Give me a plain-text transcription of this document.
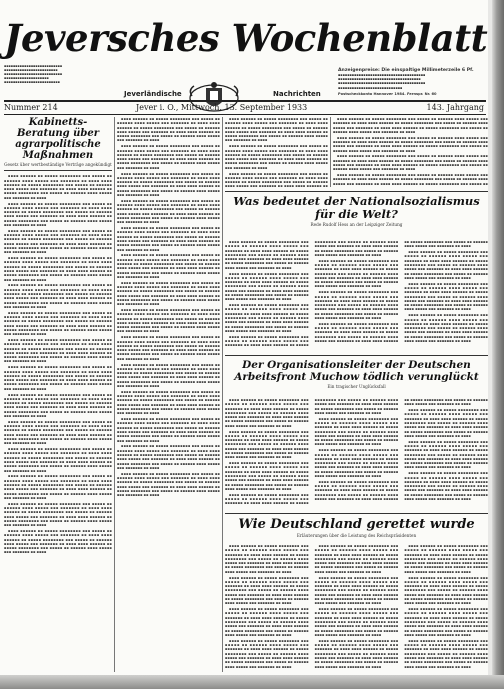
Jeversches Wochenblatt
▪▪▪▪▪▪▪▪▪▪▪▪▪▪▪▪▪▪▪▪▪▪▪▪▪▪
▪▪▪▪▪▪▪▪▪▪▪▪▪▪▪▪▪▪▪▪▪▪▪▪
▪▪▪▪▪▪▪▪▪▪▪▪▪▪▪▪▪▪▪▪▪▪▪▪▪▪
▪▪▪▪▪▪▪▪▪▪▪▪▪▪▪▪▪▪▪▪
▪▪▪▪▪▪▪▪▪▪▪▪▪▪▪▪▪▪▪▪▪▪▪▪▪
Jeverländische	Nachrichten
Anzeigenpreise: Die einspaltige Millimeterzeile 6 Pf.
▪▪▪▪▪▪▪▪▪▪▪▪▪▪▪▪▪▪▪▪▪▪▪▪▪▪▪▪▪▪▪▪▪▪▪▪▪▪
▪▪▪▪▪▪▪▪▪▪▪▪▪▪▪▪▪▪▪▪▪▪▪▪▪▪▪▪▪▪▪▪▪▪▪▪
▪▪▪▪▪▪▪▪▪▪▪▪▪▪▪▪▪▪▪▪▪▪▪▪▪▪▪▪▪▪▪▪▪▪▪▪▪▪
▪▪▪▪▪▪▪▪▪▪▪▪▪▪▪▪▪▪▪▪▪▪▪▪▪▪▪▪
Postscheckkonto Hannover 1984. Fernspr. Nr. 60
Nummer 214	Jever i. O., Mittwoch, 13. September 1933	143. Jahrgang
Kabinetts-Beratung über agrarpolitische Maßnahmen
Gesetz über wertbeständige Verträge angekündigt

▪▪▪▪ ▪▪▪▪▪▪ ▪▪ ▪▪▪▪▪ ▪▪▪▪▪▪▪▪ ▪▪▪ ▪▪▪▪▪ ▪▪ ▪▪▪▪▪▪ ▪▪▪▪ ▪▪▪▪▪ ▪▪▪ ▪▪▪▪▪▪▪ ▪▪ ▪▪▪▪ ▪▪▪▪ ▪▪▪▪▪▪ ▪▪ ▪▪▪▪▪ ▪▪▪▪▪▪▪▪ ▪▪▪ ▪▪▪▪▪ ▪▪ ▪▪▪▪▪▪ ▪▪▪▪ ▪▪▪▪▪ ▪▪▪ ▪▪▪▪▪▪▪ ▪▪ ▪▪▪▪ ▪▪▪▪ ▪▪▪▪▪▪ ▪▪ ▪▪▪▪▪ ▪▪▪▪▪▪▪▪ ▪▪▪ ▪▪▪▪▪ ▪▪ ▪▪▪▪▪▪ ▪▪▪▪ ▪▪▪▪▪ ▪▪▪ ▪▪▪▪▪▪▪ ▪▪ ▪▪▪▪

▪▪▪▪ ▪▪▪▪▪▪ ▪▪ ▪▪▪▪▪ ▪▪▪▪▪▪▪▪ ▪▪▪ ▪▪▪▪▪ ▪▪ ▪▪▪▪▪▪ ▪▪▪▪ ▪▪▪▪▪ ▪▪▪ ▪▪▪▪▪▪▪ ▪▪ ▪▪▪▪ ▪▪▪▪ ▪▪▪▪▪▪ ▪▪ ▪▪▪▪▪ ▪▪▪▪▪▪▪▪ ▪▪▪ ▪▪▪▪▪ ▪▪ ▪▪▪▪▪▪ ▪▪▪▪ ▪▪▪▪▪ ▪▪▪ ▪▪▪▪▪▪▪ ▪▪ ▪▪▪▪ ▪▪▪▪ ▪▪▪▪▪▪ ▪▪ ▪▪▪▪▪ ▪▪▪▪▪▪▪▪ ▪▪▪ ▪▪▪▪▪ ▪▪ ▪▪▪▪▪▪ ▪▪▪▪ ▪▪▪▪▪ ▪▪▪ ▪▪▪▪▪▪▪ ▪▪ ▪▪▪▪

▪▪▪▪ ▪▪▪▪▪▪ ▪▪ ▪▪▪▪▪ ▪▪▪▪▪▪▪▪ ▪▪▪ ▪▪▪▪▪ ▪▪ ▪▪▪▪▪▪ ▪▪▪▪ ▪▪▪▪▪ ▪▪▪ ▪▪▪▪▪▪▪ ▪▪ ▪▪▪▪ ▪▪▪▪ ▪▪▪▪▪▪ ▪▪ ▪▪▪▪▪ ▪▪▪▪▪▪▪▪ ▪▪▪ ▪▪▪▪▪ ▪▪ ▪▪▪▪▪▪ ▪▪▪▪ ▪▪▪▪▪ ▪▪▪ ▪▪▪▪▪▪▪ ▪▪ ▪▪▪▪ ▪▪▪▪ ▪▪▪▪▪▪ ▪▪ ▪▪▪▪▪ ▪▪▪▪▪▪▪▪ ▪▪▪ ▪▪▪▪▪ ▪▪ ▪▪▪▪▪▪ ▪▪▪▪ ▪▪▪▪▪ ▪▪▪ ▪▪▪▪▪▪▪ ▪▪ ▪▪▪▪

▪▪▪▪ ▪▪▪▪▪▪ ▪▪ ▪▪▪▪▪ ▪▪▪▪▪▪▪▪ ▪▪▪ ▪▪▪▪▪ ▪▪ ▪▪▪▪▪▪ ▪▪▪▪ ▪▪▪▪▪ ▪▪▪ ▪▪▪▪▪▪▪ ▪▪ ▪▪▪▪ ▪▪▪▪ ▪▪▪▪▪▪ ▪▪ ▪▪▪▪▪ ▪▪▪▪▪▪▪▪ ▪▪▪ ▪▪▪▪▪ ▪▪ ▪▪▪▪▪▪ ▪▪▪▪ ▪▪▪▪▪ ▪▪▪ ▪▪▪▪▪▪▪ ▪▪ ▪▪▪▪ ▪▪▪▪ ▪▪▪▪▪▪ ▪▪ ▪▪▪▪▪ ▪▪▪▪▪▪▪▪ ▪▪▪ ▪▪▪▪▪ ▪▪ ▪▪▪▪▪▪ ▪▪▪▪ ▪▪▪▪▪ ▪▪▪ ▪▪▪▪▪▪▪ ▪▪ ▪▪▪▪

▪▪▪▪ ▪▪▪▪▪▪ ▪▪ ▪▪▪▪▪ ▪▪▪▪▪▪▪▪ ▪▪▪ ▪▪▪▪▪ ▪▪ ▪▪▪▪▪▪ ▪▪▪▪ ▪▪▪▪▪ ▪▪▪ ▪▪▪▪▪▪▪ ▪▪ ▪▪▪▪ ▪▪▪▪ ▪▪▪▪▪▪ ▪▪ ▪▪▪▪▪ ▪▪▪▪▪▪▪▪ ▪▪▪ ▪▪▪▪▪ ▪▪ ▪▪▪▪▪▪ ▪▪▪▪ ▪▪▪▪▪ ▪▪▪ ▪▪▪▪▪▪▪ ▪▪ ▪▪▪▪ ▪▪▪▪ ▪▪▪▪▪▪ ▪▪ ▪▪▪▪▪ ▪▪▪▪▪▪▪▪ ▪▪▪ ▪▪▪▪▪ ▪▪ ▪▪▪▪▪▪ ▪▪▪▪ ▪▪▪▪▪ ▪▪▪ ▪▪▪▪▪▪▪ ▪▪ ▪▪▪▪

▪▪▪▪ ▪▪▪▪▪▪ ▪▪ ▪▪▪▪▪ ▪▪▪▪▪▪▪▪ ▪▪▪ ▪▪▪▪▪ ▪▪ ▪▪▪▪▪▪ ▪▪▪▪ ▪▪▪▪▪ ▪▪▪ ▪▪▪▪▪▪▪ ▪▪ ▪▪▪▪ ▪▪▪▪ ▪▪▪▪▪▪ ▪▪ ▪▪▪▪▪ ▪▪▪▪▪▪▪▪ ▪▪▪ ▪▪▪▪▪ ▪▪ ▪▪▪▪▪▪ ▪▪▪▪ ▪▪▪▪▪ ▪▪▪ ▪▪▪▪▪▪▪ ▪▪ ▪▪▪▪ ▪▪▪▪ ▪▪▪▪▪▪ ▪▪ ▪▪▪▪▪ ▪▪▪▪▪▪▪▪ ▪▪▪ ▪▪▪▪▪ ▪▪ ▪▪▪▪▪▪ ▪▪▪▪ ▪▪▪▪▪ ▪▪▪ ▪▪▪▪▪▪▪ ▪▪ ▪▪▪▪

▪▪▪▪ ▪▪▪▪▪▪ ▪▪ ▪▪▪▪▪ ▪▪▪▪▪▪▪▪ ▪▪▪ ▪▪▪▪▪ ▪▪ ▪▪▪▪▪▪ ▪▪▪▪ ▪▪▪▪▪ ▪▪▪ ▪▪▪▪▪▪▪ ▪▪ ▪▪▪▪ ▪▪▪▪ ▪▪▪▪▪▪ ▪▪ ▪▪▪▪▪ ▪▪▪▪▪▪▪▪ ▪▪▪ ▪▪▪▪▪ ▪▪ ▪▪▪▪▪▪ ▪▪▪▪ ▪▪▪▪▪ ▪▪▪ ▪▪▪▪▪▪▪ ▪▪ ▪▪▪▪ ▪▪▪▪ ▪▪▪▪▪▪ ▪▪ ▪▪▪▪▪ ▪▪▪▪▪▪▪▪ ▪▪▪ ▪▪▪▪▪ ▪▪ ▪▪▪▪▪▪ ▪▪▪▪ ▪▪▪▪▪ ▪▪▪ ▪▪▪▪▪▪▪ ▪▪ ▪▪▪▪

▪▪▪▪ ▪▪▪▪▪▪ ▪▪ ▪▪▪▪▪ ▪▪▪▪▪▪▪▪ ▪▪▪ ▪▪▪▪▪ ▪▪ ▪▪▪▪▪▪ ▪▪▪▪ ▪▪▪▪▪ ▪▪▪ ▪▪▪▪▪▪▪ ▪▪ ▪▪▪▪ ▪▪▪▪ ▪▪▪▪▪▪ ▪▪ ▪▪▪▪▪ ▪▪▪▪▪▪▪▪ ▪▪▪ ▪▪▪▪▪ ▪▪ ▪▪▪▪▪▪ ▪▪▪▪ ▪▪▪▪▪ ▪▪▪ ▪▪▪▪▪▪▪ ▪▪ ▪▪▪▪ ▪▪▪▪ ▪▪▪▪▪▪ ▪▪ ▪▪▪▪▪ ▪▪▪▪▪▪▪▪ ▪▪▪ ▪▪▪▪▪ ▪▪ ▪▪▪▪▪▪ ▪▪▪▪ ▪▪▪▪▪ ▪▪▪ ▪▪▪▪▪▪▪ ▪▪ ▪▪▪▪

▪▪▪▪ ▪▪▪▪▪▪ ▪▪ ▪▪▪▪▪ ▪▪▪▪▪▪▪▪ ▪▪▪ ▪▪▪▪▪ ▪▪ ▪▪▪▪▪▪ ▪▪▪▪ ▪▪▪▪▪ ▪▪▪ ▪▪▪▪▪▪▪ ▪▪ ▪▪▪▪ ▪▪▪▪ ▪▪▪▪▪▪ ▪▪ ▪▪▪▪▪ ▪▪▪▪▪▪▪▪ ▪▪▪ ▪▪▪▪▪ ▪▪ ▪▪▪▪▪▪ ▪▪▪▪ ▪▪▪▪▪ ▪▪▪ ▪▪▪▪▪▪▪ ▪▪ ▪▪▪▪ ▪▪▪▪ ▪▪▪▪▪▪ ▪▪ ▪▪▪▪▪ ▪▪▪▪▪▪▪▪ ▪▪▪ ▪▪▪▪▪ ▪▪ ▪▪▪▪▪▪ ▪▪▪▪ ▪▪▪▪▪ ▪▪▪ ▪▪▪▪▪▪▪ ▪▪ ▪▪▪▪

▪▪▪▪ ▪▪▪▪▪▪ ▪▪ ▪▪▪▪▪ ▪▪▪▪▪▪▪▪ ▪▪▪ ▪▪▪▪▪ ▪▪ ▪▪▪▪▪▪ ▪▪▪▪ ▪▪▪▪▪ ▪▪▪ ▪▪▪▪▪▪▪ ▪▪ ▪▪▪▪ ▪▪▪▪ ▪▪▪▪▪▪ ▪▪ ▪▪▪▪▪ ▪▪▪▪▪▪▪▪ ▪▪▪ ▪▪▪▪▪ ▪▪ ▪▪▪▪▪▪ ▪▪▪▪ ▪▪▪▪▪ ▪▪▪ ▪▪▪▪▪▪▪ ▪▪ ▪▪▪▪ ▪▪▪▪ ▪▪▪▪▪▪ ▪▪ ▪▪▪▪▪ ▪▪▪▪▪▪▪▪ ▪▪▪ ▪▪▪▪▪ ▪▪ ▪▪▪▪▪▪ ▪▪▪▪ ▪▪▪▪▪ ▪▪▪ ▪▪▪▪▪▪▪ ▪▪ ▪▪▪▪

▪▪▪▪ ▪▪▪▪▪▪ ▪▪ ▪▪▪▪▪ ▪▪▪▪▪▪▪▪ ▪▪▪ ▪▪▪▪▪ ▪▪ ▪▪▪▪▪▪ ▪▪▪▪ ▪▪▪▪▪ ▪▪▪ ▪▪▪▪▪▪▪ ▪▪ ▪▪▪▪ ▪▪▪▪ ▪▪▪▪▪▪ ▪▪ ▪▪▪▪▪ ▪▪▪▪▪▪▪▪ ▪▪▪ ▪▪▪▪▪ ▪▪ ▪▪▪▪▪▪ ▪▪▪▪ ▪▪▪▪▪ ▪▪▪ ▪▪▪▪▪▪▪ ▪▪ ▪▪▪▪ ▪▪▪▪ ▪▪▪▪▪▪ ▪▪ ▪▪▪▪▪ ▪▪▪▪▪▪▪▪ ▪▪▪ ▪▪▪▪▪ ▪▪ ▪▪▪▪▪▪ ▪▪▪▪ ▪▪▪▪▪ ▪▪▪ ▪▪▪▪▪▪▪ ▪▪ ▪▪▪▪

▪▪▪▪ ▪▪▪▪▪▪ ▪▪ ▪▪▪▪▪ ▪▪▪▪▪▪▪▪ ▪▪▪ ▪▪▪▪▪ ▪▪ ▪▪▪▪▪▪ ▪▪▪▪ ▪▪▪▪▪ ▪▪▪ ▪▪▪▪▪▪▪ ▪▪ ▪▪▪▪ ▪▪▪▪ ▪▪▪▪▪▪ ▪▪ ▪▪▪▪▪ ▪▪▪▪▪▪▪▪ ▪▪▪ ▪▪▪▪▪ ▪▪ ▪▪▪▪▪▪ ▪▪▪▪ ▪▪▪▪▪ ▪▪▪ ▪▪▪▪▪▪▪ ▪▪ ▪▪▪▪ ▪▪▪▪ ▪▪▪▪▪▪ ▪▪ ▪▪▪▪▪ ▪▪▪▪▪▪▪▪ ▪▪▪ ▪▪▪▪▪ ▪▪ ▪▪▪▪▪▪ ▪▪▪▪ ▪▪▪▪▪ ▪▪▪ ▪▪▪▪▪▪▪ ▪▪ ▪▪▪▪

▪▪▪▪ ▪▪▪▪▪▪ ▪▪ ▪▪▪▪▪ ▪▪▪▪▪▪▪▪ ▪▪▪ ▪▪▪▪▪ ▪▪ ▪▪▪▪▪▪ ▪▪▪▪ ▪▪▪▪▪ ▪▪▪ ▪▪▪▪▪▪▪ ▪▪ ▪▪▪▪ ▪▪▪▪ ▪▪▪▪▪▪ ▪▪ ▪▪▪▪▪ ▪▪▪▪▪▪▪▪ ▪▪▪ ▪▪▪▪▪ ▪▪ ▪▪▪▪▪▪ ▪▪▪▪ ▪▪▪▪▪ ▪▪▪ ▪▪▪▪▪▪▪ ▪▪ ▪▪▪▪ ▪▪▪▪ ▪▪▪▪▪▪ ▪▪ ▪▪▪▪▪ ▪▪▪▪▪▪▪▪ ▪▪▪ ▪▪▪▪▪ ▪▪ ▪▪▪▪▪▪ ▪▪▪▪ ▪▪▪▪▪ ▪▪▪ ▪▪▪▪▪▪▪ ▪▪ ▪▪▪▪

▪▪▪▪ ▪▪▪▪▪▪ ▪▪ ▪▪▪▪▪ ▪▪▪▪▪▪▪▪ ▪▪▪ ▪▪▪▪▪ ▪▪ ▪▪▪▪▪▪ ▪▪▪▪ ▪▪▪▪▪ ▪▪▪ ▪▪▪▪▪▪▪ ▪▪ ▪▪▪▪ ▪▪▪▪ ▪▪▪▪▪▪ ▪▪ ▪▪▪▪▪ ▪▪▪▪▪▪▪▪ ▪▪▪ ▪▪▪▪▪ ▪▪ ▪▪▪▪▪▪ ▪▪▪▪ ▪▪▪▪▪ ▪▪▪ ▪▪▪▪▪▪▪ ▪▪ ▪▪▪▪ ▪▪▪▪ ▪▪▪▪▪▪ ▪▪ ▪▪▪▪▪ ▪▪▪▪▪▪▪▪ ▪▪▪ ▪▪▪▪▪ ▪▪ ▪▪▪▪▪▪ ▪▪▪▪ ▪▪▪▪▪ ▪▪▪ ▪▪▪▪▪▪▪ ▪▪ ▪▪▪▪

▪▪▪▪ ▪▪▪▪▪▪ ▪▪ ▪▪▪▪▪ ▪▪▪▪▪▪▪▪ ▪▪▪ ▪▪▪▪▪ ▪▪ ▪▪▪▪▪▪ ▪▪▪▪ ▪▪▪▪▪ ▪▪▪ ▪▪▪▪▪▪▪ ▪▪ ▪▪▪▪ ▪▪▪▪ ▪▪▪▪▪▪ ▪▪ ▪▪▪▪▪ ▪▪▪▪▪▪▪▪ ▪▪▪ ▪▪▪▪▪ ▪▪ ▪▪▪▪▪▪ ▪▪▪▪ ▪▪▪▪▪ ▪▪▪ ▪▪▪▪▪▪▪ ▪▪ ▪▪▪▪ ▪▪▪▪ ▪▪▪▪▪▪ ▪▪ ▪▪▪▪▪ ▪▪▪▪▪▪▪▪ ▪▪▪ ▪▪▪▪▪ ▪▪ ▪▪▪▪▪▪ ▪▪▪▪ ▪▪▪▪▪ ▪▪▪ ▪▪▪▪▪▪▪ ▪▪ ▪▪▪▪

▪▪▪▪ ▪▪▪▪▪▪ ▪▪ ▪▪▪▪▪ ▪▪▪▪▪▪▪▪ ▪▪▪ ▪▪▪▪▪ ▪▪ ▪▪▪▪▪▪ ▪▪▪▪ ▪▪▪▪▪ ▪▪▪ ▪▪▪▪▪▪▪ ▪▪ ▪▪▪▪ ▪▪▪▪ ▪▪▪▪▪▪ ▪▪ ▪▪▪▪▪ ▪▪▪▪▪▪▪▪ ▪▪▪ ▪▪▪▪▪ ▪▪ ▪▪▪▪▪▪ ▪▪▪▪ ▪▪▪▪▪ ▪▪▪ ▪▪▪▪▪▪▪ ▪▪ ▪▪▪▪ ▪▪▪▪ ▪▪▪▪▪▪ ▪▪ ▪▪▪▪▪ ▪▪▪▪▪▪▪▪ ▪▪▪ ▪▪▪▪▪ ▪▪ ▪▪▪▪▪▪ ▪▪▪▪ ▪▪▪▪▪ ▪▪▪ ▪▪▪▪▪▪▪ ▪▪ ▪▪▪▪

▪▪▪▪ ▪▪▪▪▪▪ ▪▪ ▪▪▪▪▪ ▪▪▪▪▪▪▪▪ ▪▪▪ ▪▪▪▪▪ ▪▪ ▪▪▪▪▪▪ ▪▪▪▪ ▪▪▪▪▪ ▪▪▪ ▪▪▪▪▪▪▪ ▪▪ ▪▪▪▪ ▪▪▪▪ ▪▪▪▪▪▪ ▪▪ ▪▪▪▪▪ ▪▪▪▪▪▪▪▪ ▪▪▪ ▪▪▪▪▪ ▪▪ ▪▪▪▪▪▪ ▪▪▪▪ ▪▪▪▪▪ ▪▪▪ ▪▪▪▪▪▪▪ ▪▪ ▪▪▪▪ ▪▪▪▪ ▪▪▪▪▪▪ ▪▪ ▪▪▪▪▪ ▪▪▪▪▪▪▪▪ ▪▪▪ ▪▪▪▪▪ ▪▪ ▪▪▪▪▪▪ ▪▪▪▪ ▪▪▪▪▪ ▪▪▪ ▪▪▪▪▪▪▪ ▪▪ ▪▪▪▪

▪▪▪▪ ▪▪▪▪▪▪ ▪▪ ▪▪▪▪▪ ▪▪▪▪▪▪▪▪ ▪▪▪ ▪▪▪▪▪ ▪▪ ▪▪▪▪▪▪ ▪▪▪▪ ▪▪▪▪▪ ▪▪▪ ▪▪▪▪▪▪▪ ▪▪ ▪▪▪▪ ▪▪▪▪ ▪▪▪▪▪▪ ▪▪ ▪▪▪▪▪ ▪▪▪▪▪▪▪▪ ▪▪▪ ▪▪▪▪▪ ▪▪ ▪▪▪▪▪▪ ▪▪▪▪ ▪▪▪▪▪ ▪▪▪ ▪▪▪▪▪▪▪ ▪▪ ▪▪▪▪ ▪▪▪▪ ▪▪▪▪▪▪ ▪▪ ▪▪▪▪▪ ▪▪▪▪▪▪▪▪ ▪▪▪ ▪▪▪▪▪ ▪▪ ▪▪▪▪▪▪ ▪▪▪▪ ▪▪▪▪▪ ▪▪▪ ▪▪▪▪▪▪▪ ▪▪ ▪▪▪▪

▪▪▪▪ ▪▪▪▪▪▪ ▪▪ ▪▪▪▪▪ ▪▪▪▪▪▪▪▪ ▪▪▪ ▪▪▪▪▪ ▪▪ ▪▪▪▪▪▪ ▪▪▪▪ ▪▪▪▪▪ ▪▪▪ ▪▪▪▪▪▪▪ ▪▪ ▪▪▪▪ ▪▪▪▪ ▪▪▪▪▪▪ ▪▪ ▪▪▪▪▪ ▪▪▪▪▪▪▪▪ ▪▪▪ ▪▪▪▪▪ ▪▪ ▪▪▪▪▪▪ ▪▪▪▪ ▪▪▪▪▪ ▪▪▪ ▪▪▪▪▪▪▪ ▪▪ ▪▪▪▪ ▪▪▪▪ ▪▪▪▪▪▪ ▪▪ ▪▪▪▪▪ ▪▪▪▪▪▪▪▪ ▪▪▪ ▪▪▪▪▪ ▪▪ ▪▪▪▪▪▪ ▪▪▪▪ ▪▪▪▪▪ ▪▪▪ ▪▪▪▪▪▪▪ ▪▪ ▪▪▪▪

▪▪▪▪ ▪▪▪▪▪▪ ▪▪ ▪▪▪▪▪ ▪▪▪▪▪▪▪▪ ▪▪▪ ▪▪▪▪▪ ▪▪ ▪▪▪▪▪▪ ▪▪▪▪ ▪▪▪▪▪ ▪▪▪ ▪▪▪▪▪▪▪ ▪▪ ▪▪▪▪ ▪▪▪▪ ▪▪▪▪▪▪ ▪▪ ▪▪▪▪▪ ▪▪▪▪▪▪▪▪ ▪▪▪ ▪▪▪▪▪ ▪▪ ▪▪▪▪▪▪ ▪▪▪▪ ▪▪▪▪▪ ▪▪▪ ▪▪▪▪▪▪▪ ▪▪ ▪▪▪▪ ▪▪▪▪ ▪▪▪▪▪▪ ▪▪ ▪▪▪▪▪ ▪▪▪▪▪▪▪▪ ▪▪▪ ▪▪▪▪▪ ▪▪ ▪▪▪▪▪▪ ▪▪▪▪ ▪▪▪▪▪ ▪▪▪ ▪▪▪▪▪▪▪ ▪▪ ▪▪▪▪

▪▪▪▪ ▪▪▪▪▪▪ ▪▪ ▪▪▪▪▪ ▪▪▪▪▪▪▪▪ ▪▪▪ ▪▪▪▪▪ ▪▪ ▪▪▪▪▪▪ ▪▪▪▪ ▪▪▪▪▪ ▪▪▪ ▪▪▪▪▪▪▪ ▪▪ ▪▪▪▪ ▪▪▪▪ ▪▪▪▪▪▪ ▪▪ ▪▪▪▪▪ ▪▪▪▪▪▪▪▪ ▪▪▪ ▪▪▪▪▪ ▪▪ ▪▪▪▪▪▪ ▪▪▪▪ ▪▪▪▪▪ ▪▪▪ ▪▪▪▪▪▪▪ ▪▪ ▪▪▪▪ ▪▪▪▪ ▪▪▪▪▪▪ ▪▪ ▪▪▪▪▪ ▪▪▪▪▪▪▪▪ ▪▪▪ ▪▪▪▪▪ ▪▪ ▪▪▪▪▪▪ ▪▪▪▪ ▪▪▪▪▪ ▪▪▪ ▪▪▪▪▪▪▪ ▪▪ ▪▪▪▪

▪▪▪▪ ▪▪▪▪▪▪ ▪▪ ▪▪▪▪▪ ▪▪▪▪▪▪▪▪ ▪▪▪ ▪▪▪▪▪ ▪▪ ▪▪▪▪▪▪ ▪▪▪▪ ▪▪▪▪▪ ▪▪▪ ▪▪▪▪▪▪▪ ▪▪ ▪▪▪▪ ▪▪▪▪ ▪▪▪▪▪▪ ▪▪ ▪▪▪▪▪ ▪▪▪▪▪▪▪▪ ▪▪▪ ▪▪▪▪▪ ▪▪ ▪▪▪▪▪▪ ▪▪▪▪ ▪▪▪▪▪ ▪▪▪ ▪▪▪▪▪▪▪ ▪▪ ▪▪▪▪ ▪▪▪▪ ▪▪▪▪▪▪ ▪▪ ▪▪▪▪▪ ▪▪▪▪▪▪▪▪ ▪▪▪ ▪▪▪▪▪ ▪▪ ▪▪▪▪▪▪ ▪▪▪▪ ▪▪▪▪▪ ▪▪▪ ▪▪▪▪▪▪▪ ▪▪ ▪▪▪▪

▪▪▪▪ ▪▪▪▪▪▪ ▪▪ ▪▪▪▪▪ ▪▪▪▪▪▪▪▪ ▪▪▪ ▪▪▪▪▪ ▪▪ ▪▪▪▪▪▪ ▪▪▪▪ ▪▪▪▪▪ ▪▪▪ ▪▪▪▪▪▪▪ ▪▪ ▪▪▪▪ ▪▪▪▪ ▪▪▪▪▪▪ ▪▪ ▪▪▪▪▪ ▪▪▪▪▪▪▪▪ ▪▪▪ ▪▪▪▪▪ ▪▪ ▪▪▪▪▪▪ ▪▪▪▪ ▪▪▪▪▪ ▪▪▪ ▪▪▪▪▪▪▪ ▪▪ ▪▪▪▪ ▪▪▪▪ ▪▪▪▪▪▪ ▪▪ ▪▪▪▪▪ ▪▪▪▪▪▪▪▪ ▪▪▪ ▪▪▪▪▪ ▪▪ ▪▪▪▪▪▪ ▪▪▪▪ ▪▪▪▪▪ ▪▪▪ ▪▪▪▪▪▪▪ ▪▪ ▪▪▪▪

▪▪▪▪ ▪▪▪▪▪▪ ▪▪ ▪▪▪▪▪ ▪▪▪▪▪▪▪▪ ▪▪▪ ▪▪▪▪▪ ▪▪ ▪▪▪▪▪▪ ▪▪▪▪ ▪▪▪▪▪ ▪▪▪ ▪▪▪▪▪▪▪ ▪▪ ▪▪▪▪ ▪▪▪▪ ▪▪▪▪▪▪ ▪▪ ▪▪▪▪▪ ▪▪▪▪▪▪▪▪ ▪▪▪ ▪▪▪▪▪ ▪▪ ▪▪▪▪▪▪ ▪▪▪▪ ▪▪▪▪▪ ▪▪▪ ▪▪▪▪▪▪▪ ▪▪ ▪▪▪▪ ▪▪▪▪ ▪▪▪▪▪▪ ▪▪ ▪▪▪▪▪ ▪▪▪▪▪▪▪▪ ▪▪▪ ▪▪▪▪▪ ▪▪ ▪▪▪▪▪▪ ▪▪▪▪ ▪▪▪▪▪ ▪▪▪ ▪▪▪▪▪▪▪ ▪▪ ▪▪▪▪

▪▪▪▪ ▪▪▪▪▪▪ ▪▪ ▪▪▪▪▪ ▪▪▪▪▪▪▪▪ ▪▪▪ ▪▪▪▪▪ ▪▪ ▪▪▪▪▪▪ ▪▪▪▪ ▪▪▪▪▪ ▪▪▪ ▪▪▪▪▪▪▪ ▪▪ ▪▪▪▪ ▪▪▪▪ ▪▪▪▪▪▪ ▪▪ ▪▪▪▪▪ ▪▪▪▪▪▪▪▪ ▪▪▪ ▪▪▪▪▪ ▪▪ ▪▪▪▪▪▪ ▪▪▪▪ ▪▪▪▪▪ ▪▪▪ ▪▪▪▪▪▪▪ ▪▪ ▪▪▪▪ ▪▪▪▪ ▪▪▪▪▪▪ ▪▪ ▪▪▪▪▪ ▪▪▪▪▪▪▪▪ ▪▪▪ ▪▪▪▪▪ ▪▪ ▪▪▪▪▪▪ ▪▪▪▪ ▪▪▪▪▪ ▪▪▪ ▪▪▪▪▪▪▪ ▪▪ ▪▪▪▪

▪▪▪▪ ▪▪▪▪▪▪ ▪▪ ▪▪▪▪▪ ▪▪▪▪▪▪▪▪ ▪▪▪ ▪▪▪▪▪ ▪▪ ▪▪▪▪▪▪ ▪▪▪▪ ▪▪▪▪▪ ▪▪▪ ▪▪▪▪▪▪▪ ▪▪ ▪▪▪▪ ▪▪▪▪ ▪▪▪▪▪▪ ▪▪ ▪▪▪▪▪ ▪▪▪▪▪▪▪▪ ▪▪▪ ▪▪▪▪▪ ▪▪ ▪▪▪▪▪▪ ▪▪▪▪ ▪▪▪▪▪ ▪▪▪ ▪▪▪▪▪▪▪ ▪▪ ▪▪▪▪ ▪▪▪▪ ▪▪▪▪▪▪ ▪▪ ▪▪▪▪▪ ▪▪▪▪▪▪▪▪ ▪▪▪ ▪▪▪▪▪ ▪▪ ▪▪▪▪▪▪ ▪▪▪▪ ▪▪▪▪▪ ▪▪▪ ▪▪▪▪▪▪▪ ▪▪ ▪▪▪▪

▪▪▪▪ ▪▪▪▪▪▪ ▪▪ ▪▪▪▪▪ ▪▪▪▪▪▪▪▪ ▪▪▪ ▪▪▪▪▪ ▪▪ ▪▪▪▪▪▪ ▪▪▪▪ ▪▪▪▪▪ ▪▪▪ ▪▪▪▪▪▪▪ ▪▪ ▪▪▪▪ ▪▪▪▪ ▪▪▪▪▪▪ ▪▪ ▪▪▪▪▪ ▪▪▪▪▪▪▪▪ ▪▪▪ ▪▪▪▪▪ ▪▪ ▪▪▪▪▪▪ ▪▪▪▪ ▪▪▪▪▪ ▪▪▪ ▪▪▪▪▪▪▪ ▪▪ ▪▪▪▪ ▪▪▪▪ ▪▪▪▪▪▪ ▪▪ ▪▪▪▪▪ ▪▪▪▪▪▪▪▪ ▪▪▪ ▪▪▪▪▪ ▪▪ ▪▪▪▪▪▪ ▪▪▪▪ ▪▪▪▪▪ ▪▪▪ ▪▪▪▪▪▪▪ ▪▪ ▪▪▪▪

▪▪▪▪ ▪▪▪▪▪▪ ▪▪ ▪▪▪▪▪ ▪▪▪▪▪▪▪▪ ▪▪▪ ▪▪▪▪▪ ▪▪ ▪▪▪▪▪▪ ▪▪▪▪ ▪▪▪▪▪ ▪▪▪ ▪▪▪▪▪▪▪ ▪▪ ▪▪▪▪ ▪▪▪▪ ▪▪▪▪▪▪ ▪▪ ▪▪▪▪▪ ▪▪▪▪▪▪▪▪ ▪▪▪ ▪▪▪▪▪ ▪▪ ▪▪▪▪▪▪ ▪▪▪▪ ▪▪▪▪▪ ▪▪▪ ▪▪▪▪▪▪▪ ▪▪ ▪▪▪▪ ▪▪▪▪ ▪▪▪▪▪▪ ▪▪ ▪▪▪▪▪ ▪▪▪▪▪▪▪▪ ▪▪▪ ▪▪▪▪▪ ▪▪ ▪▪▪▪▪▪ ▪▪▪▪ ▪▪▪▪▪ ▪▪▪ ▪▪▪▪▪▪▪ ▪▪ ▪▪▪▪

▪▪▪▪ ▪▪▪▪▪▪ ▪▪ ▪▪▪▪▪ ▪▪▪▪▪▪▪▪ ▪▪▪ ▪▪▪▪▪ ▪▪ ▪▪▪▪▪▪ ▪▪▪▪ ▪▪▪▪▪ ▪▪▪ ▪▪▪▪▪▪▪ ▪▪ ▪▪▪▪ ▪▪▪▪ ▪▪▪▪▪▪ ▪▪ ▪▪▪▪▪ ▪▪▪▪▪▪▪▪ ▪▪▪ ▪▪▪▪▪ ▪▪ ▪▪▪▪▪▪ ▪▪▪▪ ▪▪▪▪▪ ▪▪▪ ▪▪▪▪▪▪▪ ▪▪ ▪▪▪▪ ▪▪▪▪ ▪▪▪▪▪▪ ▪▪ ▪▪▪▪▪ ▪▪▪▪▪▪▪▪ ▪▪▪ ▪▪▪▪▪ ▪▪ ▪▪▪▪▪▪ ▪▪▪▪ ▪▪▪▪▪ ▪▪▪ ▪▪▪▪▪▪▪ ▪▪ ▪▪▪▪

▪▪▪▪ ▪▪▪▪▪▪ ▪▪ ▪▪▪▪▪ ▪▪▪▪▪▪▪▪ ▪▪▪ ▪▪▪▪▪ ▪▪ ▪▪▪▪▪▪ ▪▪▪▪ ▪▪▪▪▪ ▪▪▪ ▪▪▪▪▪▪▪ ▪▪ ▪▪▪▪ ▪▪▪▪ ▪▪▪▪▪▪ ▪▪ ▪▪▪▪▪ ▪▪▪▪▪▪▪▪ ▪▪▪ ▪▪▪▪▪ ▪▪ ▪▪▪▪▪▪ ▪▪▪▪ ▪▪▪▪▪ ▪▪▪ ▪▪▪▪▪▪▪ ▪▪ ▪▪▪▪ ▪▪▪▪ ▪▪▪▪▪▪ ▪▪ ▪▪▪▪▪ ▪▪▪▪▪▪▪▪ ▪▪▪ ▪▪▪▪▪ ▪▪ ▪▪▪▪▪▪ ▪▪▪▪ ▪▪▪▪▪ ▪▪▪ ▪▪▪▪▪▪▪ ▪▪ ▪▪▪▪

▪▪▪▪ ▪▪▪▪▪▪ ▪▪ ▪▪▪▪▪ ▪▪▪▪▪▪▪▪ ▪▪▪ ▪▪▪▪▪ ▪▪ ▪▪▪▪▪▪ ▪▪▪▪ ▪▪▪▪▪ ▪▪▪ ▪▪▪▪▪▪▪ ▪▪ ▪▪▪▪ ▪▪▪▪ ▪▪▪▪▪▪ ▪▪ ▪▪▪▪▪ ▪▪▪▪▪▪▪▪ ▪▪▪ ▪▪▪▪▪ ▪▪ ▪▪▪▪▪▪ ▪▪▪▪ ▪▪▪▪▪ ▪▪▪ ▪▪▪▪▪▪▪ ▪▪ ▪▪▪▪ ▪▪▪▪ ▪▪▪▪▪▪ ▪▪

▪▪▪▪ ▪▪▪▪▪▪ ▪▪ ▪▪▪▪▪ ▪▪▪▪▪▪▪▪ ▪▪▪ ▪▪▪▪▪ ▪▪ ▪▪▪▪▪▪ ▪▪▪▪ ▪▪▪▪▪ ▪▪▪ ▪▪▪▪▪▪▪ ▪▪ ▪▪▪▪ ▪▪▪▪ ▪▪▪▪▪▪ ▪▪ ▪▪▪▪▪ ▪▪▪▪▪▪▪▪ ▪▪▪ ▪▪▪▪▪ ▪▪ ▪▪▪▪▪▪ ▪▪▪▪ ▪▪▪▪▪ ▪▪▪ ▪▪▪▪▪▪▪ ▪▪ ▪▪▪▪ ▪▪▪▪ ▪▪▪▪▪▪ ▪▪ ▪▪▪▪▪ ▪▪▪▪▪▪▪▪ ▪▪▪ ▪▪▪▪▪ ▪▪ ▪▪▪▪▪▪ ▪▪▪▪ ▪▪▪▪▪ ▪▪▪ ▪▪▪▪▪▪▪ ▪▪ ▪▪▪▪

▪▪▪▪ ▪▪▪▪▪▪ ▪▪ ▪▪▪▪▪ ▪▪▪▪▪▪▪▪ ▪▪▪ ▪▪▪▪▪ ▪▪ ▪▪▪▪▪▪ ▪▪▪▪ ▪▪▪▪▪ ▪▪▪ ▪▪▪▪▪▪▪ ▪▪ ▪▪▪▪ ▪▪▪▪ ▪▪▪▪▪▪ ▪▪ ▪▪▪▪▪ ▪▪▪▪▪▪▪▪ ▪▪▪ ▪▪▪▪▪ ▪▪ ▪▪▪▪▪▪ ▪▪▪▪ ▪▪▪▪▪ ▪▪▪ ▪▪▪▪▪▪▪ ▪▪ ▪▪▪▪ ▪▪▪▪ ▪▪▪▪▪▪ ▪▪ ▪▪▪▪▪ ▪▪▪▪▪▪▪▪ ▪▪▪ ▪▪▪▪▪ ▪▪ ▪▪▪▪▪▪ ▪▪▪▪ ▪▪▪▪▪ ▪▪▪ ▪▪▪▪▪▪▪ ▪▪ ▪▪▪▪

▪▪▪▪ ▪▪▪▪▪▪ ▪▪ ▪▪▪▪▪ ▪▪▪▪▪▪▪▪ ▪▪▪ ▪▪▪▪▪ ▪▪ ▪▪▪▪▪▪ ▪▪▪▪ ▪▪▪▪▪ ▪▪▪ ▪▪▪▪▪▪▪ ▪▪ ▪▪▪▪ ▪▪▪▪ ▪▪▪▪▪▪ ▪▪ ▪▪▪▪▪ ▪▪▪▪▪▪▪▪ ▪▪▪ ▪▪▪▪▪ ▪▪ ▪▪▪▪▪▪ ▪▪▪▪ ▪▪▪▪▪ ▪▪▪ ▪▪▪▪▪▪▪ ▪▪ ▪▪▪▪ ▪▪▪▪ ▪▪▪▪▪▪ ▪▪ ▪▪▪▪▪ ▪▪▪▪▪▪▪▪ ▪▪▪ ▪▪▪▪▪ ▪▪ ▪▪▪▪▪▪ ▪▪▪▪ ▪▪▪▪▪ ▪▪▪ ▪▪▪▪▪▪▪ ▪▪ ▪▪▪▪

▪▪▪▪ ▪▪▪▪▪▪ ▪▪ ▪▪▪▪▪ ▪▪▪▪▪▪▪▪ ▪▪▪ ▪▪▪▪▪ ▪▪ ▪▪▪▪▪▪ ▪▪▪▪ ▪▪▪▪▪ ▪▪▪ ▪▪▪▪▪▪▪ ▪▪ ▪▪▪▪ ▪▪▪▪ ▪▪▪▪▪▪ ▪▪ ▪▪▪▪▪ ▪▪▪▪▪▪▪▪ ▪▪▪ ▪▪▪▪▪ ▪▪ ▪▪▪▪▪▪ ▪▪▪▪ ▪▪▪▪▪ ▪▪▪ ▪▪▪▪▪▪▪ ▪▪ ▪▪▪▪ ▪▪▪▪ ▪▪▪▪▪▪ ▪▪ ▪▪▪▪▪ ▪▪▪▪▪▪▪▪ ▪▪▪ ▪▪▪▪▪ ▪▪

Was bedeutet der Nationalsozialismus für die Welt?
Rede Rudolf Hess an der Leipziger Zeitung

▪▪▪▪ ▪▪▪▪▪▪ ▪▪ ▪▪▪▪▪ ▪▪▪▪▪▪▪▪ ▪▪▪ ▪▪▪▪▪ ▪▪ ▪▪▪▪▪▪ ▪▪▪▪ ▪▪▪▪▪ ▪▪▪ ▪▪▪▪▪▪▪ ▪▪ ▪▪▪▪ ▪▪▪▪ ▪▪▪▪▪▪ ▪▪ ▪▪▪▪▪ ▪▪▪▪▪▪▪▪ ▪▪▪ ▪▪▪▪▪ ▪▪ ▪▪▪▪▪▪ ▪▪▪▪ ▪▪▪▪▪ ▪▪▪ ▪▪▪▪▪▪▪ ▪▪ ▪▪▪▪ ▪▪▪▪ ▪▪▪▪▪▪ ▪▪ ▪▪▪▪▪ ▪▪▪▪▪▪▪▪ ▪▪▪ ▪▪▪▪▪ ▪▪ ▪▪▪▪▪▪ ▪▪▪▪ ▪▪▪▪▪ ▪▪▪ ▪▪▪▪▪▪▪ ▪▪ ▪▪▪▪

▪▪▪▪ ▪▪▪▪▪▪ ▪▪ ▪▪▪▪▪ ▪▪▪▪▪▪▪▪ ▪▪▪ ▪▪▪▪▪ ▪▪ ▪▪▪▪▪▪ ▪▪▪▪ ▪▪▪▪▪ ▪▪▪ ▪▪▪▪▪▪▪ ▪▪ ▪▪▪▪ ▪▪▪▪ ▪▪▪▪▪▪ ▪▪ ▪▪▪▪▪ ▪▪▪▪▪▪▪▪ ▪▪▪ ▪▪▪▪▪ ▪▪ ▪▪▪▪▪▪ ▪▪▪▪ ▪▪▪▪▪ ▪▪▪ ▪▪▪▪▪▪▪ ▪▪ ▪▪▪▪ ▪▪▪▪ ▪▪▪▪▪▪ ▪▪ ▪▪▪▪▪ ▪▪▪▪▪▪▪▪ ▪▪▪ ▪▪▪▪▪ ▪▪ ▪▪▪▪▪▪ ▪▪▪▪ ▪▪▪▪▪ ▪▪▪ ▪▪▪▪▪▪▪ ▪▪ ▪▪▪▪

▪▪▪▪ ▪▪▪▪▪▪ ▪▪ ▪▪▪▪▪ ▪▪▪▪▪▪▪▪ ▪▪▪ ▪▪▪▪▪ ▪▪ ▪▪▪▪▪▪ ▪▪▪▪ ▪▪▪▪▪ ▪▪▪ ▪▪▪▪▪▪▪ ▪▪ ▪▪▪▪ ▪▪▪▪ ▪▪▪▪▪▪ ▪▪ ▪▪▪▪▪ ▪▪▪▪▪▪▪▪ ▪▪▪ ▪▪▪▪▪ ▪▪ ▪▪▪▪▪▪ ▪▪▪▪ ▪▪▪▪▪ ▪▪▪ ▪▪▪▪▪▪▪ ▪▪ ▪▪▪▪ ▪▪▪▪ ▪▪▪▪▪▪ ▪▪ ▪▪▪▪▪ ▪▪▪▪▪▪▪▪ ▪▪▪ ▪▪▪▪▪ ▪▪ ▪▪▪▪▪▪ ▪▪▪▪ ▪▪▪▪▪ ▪▪▪ ▪▪▪▪▪▪▪ ▪▪ ▪▪▪▪

▪▪▪▪ ▪▪▪▪▪▪ ▪▪ ▪▪▪▪▪ ▪▪▪▪▪▪▪▪ ▪▪▪ ▪▪▪▪▪ ▪▪ ▪▪▪▪▪▪ ▪▪▪▪ ▪▪▪▪▪ ▪▪▪ ▪▪▪▪▪▪▪ ▪▪ ▪▪▪▪ ▪▪▪▪ ▪▪▪▪▪▪ ▪▪ ▪▪▪▪▪ ▪▪▪▪▪▪▪▪ ▪▪▪ ▪▪▪▪▪ ▪▪ ▪▪▪▪▪▪ ▪▪▪▪ ▪▪▪▪▪ ▪▪▪ ▪▪▪▪▪▪▪ ▪▪ ▪▪▪▪ ▪▪▪▪ ▪▪▪▪▪▪ ▪▪ ▪▪▪▪▪ ▪▪▪▪▪▪▪▪ ▪▪▪ ▪▪▪▪▪ ▪▪ ▪▪▪▪▪▪ ▪▪▪▪ ▪▪▪▪▪ ▪▪▪ ▪▪▪▪▪▪▪ ▪▪ ▪▪▪▪

▪▪▪▪ ▪▪▪▪▪▪ ▪▪ ▪▪▪▪▪ ▪▪▪▪▪▪▪▪ ▪▪▪ ▪▪▪▪▪ ▪▪ ▪▪▪▪▪▪ ▪▪▪▪ ▪▪▪▪▪ ▪▪▪ ▪▪▪▪▪▪▪ ▪▪ ▪▪▪▪ ▪▪▪▪ ▪▪▪▪▪▪ ▪▪ ▪▪▪▪▪ ▪▪▪▪▪▪▪▪ ▪▪▪ ▪▪▪▪▪ ▪▪ ▪▪▪▪▪▪ ▪▪▪▪ ▪▪▪▪▪ ▪▪▪ ▪▪▪▪▪▪▪ ▪▪ ▪▪▪▪ ▪▪▪▪ ▪▪▪▪▪▪ ▪▪ ▪▪▪▪▪ ▪▪▪▪▪▪▪▪ ▪▪▪ ▪▪▪▪▪ ▪▪ ▪▪▪▪▪▪ ▪▪▪▪ ▪▪▪▪▪ ▪▪▪ ▪▪▪▪▪▪▪ ▪▪ ▪▪▪▪

▪▪▪▪ ▪▪▪▪▪▪ ▪▪ ▪▪▪▪▪ ▪▪▪▪▪▪▪▪ ▪▪▪ ▪▪▪▪▪ ▪▪ ▪▪▪▪▪▪ ▪▪▪▪ ▪▪▪▪▪ ▪▪▪ ▪▪▪▪▪▪▪ ▪▪ ▪▪▪▪ ▪▪▪▪ ▪▪▪▪▪▪ ▪▪ ▪▪▪▪▪ ▪▪▪▪▪▪▪▪ ▪▪▪ ▪▪▪▪▪ ▪▪ ▪▪▪▪▪▪ ▪▪▪▪ ▪▪▪▪▪ ▪▪▪ ▪▪▪▪▪▪▪ ▪▪ ▪▪▪▪ ▪▪▪▪ ▪▪▪▪▪▪ ▪▪ ▪▪▪▪▪ ▪▪▪▪▪▪▪▪ ▪▪▪ ▪▪▪▪▪ ▪▪ ▪▪▪▪▪▪ ▪▪▪▪ ▪▪▪▪▪ ▪▪▪ ▪▪▪▪▪▪▪ ▪▪ ▪▪▪▪

▪▪▪▪ ▪▪▪▪▪▪ ▪▪ ▪▪▪▪▪ ▪▪▪▪▪▪▪▪ ▪▪▪ ▪▪▪▪▪ ▪▪ ▪▪▪▪▪▪ ▪▪▪▪ ▪▪▪▪▪ ▪▪▪ ▪▪▪▪▪▪▪ ▪▪ ▪▪▪▪ ▪▪▪▪ ▪▪▪▪▪▪ ▪▪ ▪▪▪▪▪ ▪▪▪▪▪▪▪▪ ▪▪▪ ▪▪▪▪▪ ▪▪ ▪▪▪▪▪▪ ▪▪▪▪ ▪▪▪▪▪ ▪▪▪ ▪▪▪▪▪▪▪ ▪▪ ▪▪▪▪ ▪▪▪▪ ▪▪▪▪▪▪ ▪▪ ▪▪▪▪▪ ▪▪▪▪▪▪▪▪ ▪▪▪ ▪▪▪▪▪ ▪▪ ▪▪▪▪▪▪ ▪▪▪▪ ▪▪▪▪▪ ▪▪▪ ▪▪▪▪▪▪▪ ▪▪ ▪▪▪▪

▪▪▪▪ ▪▪▪▪▪▪ ▪▪ ▪▪▪▪▪ ▪▪▪▪▪▪▪▪ ▪▪▪ ▪▪▪▪▪ ▪▪ ▪▪▪▪▪▪ ▪▪▪▪ ▪▪▪▪▪ ▪▪▪ ▪▪▪▪▪▪▪ ▪▪ ▪▪▪▪ ▪▪▪▪ ▪▪▪▪▪▪ ▪▪ ▪▪▪▪▪ ▪▪▪▪▪▪▪▪ ▪▪▪ ▪▪▪▪▪ ▪▪ ▪▪▪▪▪▪ ▪▪▪▪ ▪▪▪▪▪ ▪▪▪ ▪▪▪▪▪▪▪ ▪▪ ▪▪▪▪ ▪▪▪▪ ▪▪▪▪▪▪ ▪▪ ▪▪▪▪▪ ▪▪▪▪▪▪▪▪ ▪▪▪ ▪▪▪▪▪ ▪▪ ▪▪▪▪▪▪ ▪▪▪▪ ▪▪▪▪▪ ▪▪▪ ▪▪▪▪▪▪▪ ▪▪ ▪▪▪▪

▪▪▪▪ ▪▪▪▪▪▪ ▪▪ ▪▪▪▪▪ ▪▪▪▪▪▪▪▪ ▪▪▪ ▪▪▪▪▪ ▪▪ ▪▪▪▪▪▪ ▪▪▪▪ ▪▪▪▪▪ ▪▪▪ ▪▪▪▪▪▪▪ ▪▪ ▪▪▪▪ ▪▪▪▪ ▪▪▪▪▪▪ ▪▪ ▪▪▪▪▪ ▪▪▪▪▪▪▪▪ ▪▪▪ ▪▪▪▪▪ ▪▪ ▪▪▪▪▪▪ ▪▪▪▪ ▪▪▪▪▪ ▪▪▪ ▪▪▪▪▪▪▪ ▪▪ ▪▪▪▪ ▪▪▪▪ ▪▪▪▪▪▪ ▪▪ ▪▪▪▪▪ ▪▪▪▪▪▪▪▪ ▪▪▪ ▪▪▪▪▪ ▪▪ ▪▪▪▪▪▪ ▪▪▪▪ ▪▪▪▪▪ ▪▪▪ ▪▪▪▪▪▪▪ ▪▪ ▪▪▪▪

▪▪▪▪ ▪▪▪▪▪▪ ▪▪ ▪▪▪▪▪ ▪▪▪▪▪▪▪▪ ▪▪▪ ▪▪▪▪▪ ▪▪ ▪▪▪▪▪▪ ▪▪▪▪ ▪▪▪▪▪ ▪▪▪ ▪▪▪▪▪▪▪ ▪▪ ▪▪▪▪ ▪▪▪▪ ▪▪▪▪▪▪ ▪▪ ▪▪▪▪▪ ▪▪▪▪▪▪▪▪ ▪▪▪ ▪▪▪▪▪ ▪▪ ▪▪▪▪▪▪ ▪▪▪▪ ▪▪▪▪▪ ▪▪▪ ▪▪▪▪▪▪▪ ▪▪ ▪▪▪▪ ▪▪▪▪ ▪▪▪▪▪▪ ▪▪ ▪▪▪▪▪ ▪▪▪▪▪▪▪▪ ▪▪▪ ▪▪▪▪▪ ▪▪ ▪▪▪▪▪▪ ▪▪▪▪ ▪▪▪▪▪ ▪▪▪ ▪▪▪▪▪▪▪ ▪▪ ▪▪▪▪

Der Organisationsleiter der Deutschen Arbeitsfront Muchow tödlich verunglückt
Ein tragischer Unglücksfall

▪▪▪▪ ▪▪▪▪▪▪ ▪▪ ▪▪▪▪▪ ▪▪▪▪▪▪▪▪ ▪▪▪ ▪▪▪▪▪ ▪▪ ▪▪▪▪▪▪ ▪▪▪▪ ▪▪▪▪▪ ▪▪▪ ▪▪▪▪▪▪▪ ▪▪ ▪▪▪▪ ▪▪▪▪ ▪▪▪▪▪▪ ▪▪ ▪▪▪▪▪ ▪▪▪▪▪▪▪▪ ▪▪▪ ▪▪▪▪▪ ▪▪ ▪▪▪▪▪▪ ▪▪▪▪ ▪▪▪▪▪ ▪▪▪ ▪▪▪▪▪▪▪ ▪▪ ▪▪▪▪ ▪▪▪▪ ▪▪▪▪▪▪ ▪▪ ▪▪▪▪▪ ▪▪▪▪▪▪▪▪ ▪▪▪ ▪▪▪▪▪ ▪▪ ▪▪▪▪▪▪ ▪▪▪▪ ▪▪▪▪▪ ▪▪▪ ▪▪▪▪▪▪▪ ▪▪ ▪▪▪▪

▪▪▪▪ ▪▪▪▪▪▪ ▪▪ ▪▪▪▪▪ ▪▪▪▪▪▪▪▪ ▪▪▪ ▪▪▪▪▪ ▪▪ ▪▪▪▪▪▪ ▪▪▪▪ ▪▪▪▪▪ ▪▪▪ ▪▪▪▪▪▪▪ ▪▪ ▪▪▪▪ ▪▪▪▪ ▪▪▪▪▪▪ ▪▪ ▪▪▪▪▪ ▪▪▪▪▪▪▪▪ ▪▪▪ ▪▪▪▪▪ ▪▪ ▪▪▪▪▪▪ ▪▪▪▪ ▪▪▪▪▪ ▪▪▪ ▪▪▪▪▪▪▪ ▪▪ ▪▪▪▪ ▪▪▪▪ ▪▪▪▪▪▪ ▪▪ ▪▪▪▪▪ ▪▪▪▪▪▪▪▪ ▪▪▪ ▪▪▪▪▪ ▪▪ ▪▪▪▪▪▪ ▪▪▪▪ ▪▪▪▪▪ ▪▪▪ ▪▪▪▪▪▪▪ ▪▪ ▪▪▪▪

▪▪▪▪ ▪▪▪▪▪▪ ▪▪ ▪▪▪▪▪ ▪▪▪▪▪▪▪▪ ▪▪▪ ▪▪▪▪▪ ▪▪ ▪▪▪▪▪▪ ▪▪▪▪ ▪▪▪▪▪ ▪▪▪ ▪▪▪▪▪▪▪ ▪▪ ▪▪▪▪ ▪▪▪▪ ▪▪▪▪▪▪ ▪▪ ▪▪▪▪▪ ▪▪▪▪▪▪▪▪ ▪▪▪ ▪▪▪▪▪ ▪▪ ▪▪▪▪▪▪ ▪▪▪▪ ▪▪▪▪▪ ▪▪▪ ▪▪▪▪▪▪▪ ▪▪ ▪▪▪▪ ▪▪▪▪ ▪▪▪▪▪▪ ▪▪ ▪▪▪▪▪ ▪▪▪▪▪▪▪▪ ▪▪▪ ▪▪▪▪▪ ▪▪ ▪▪▪▪▪▪ ▪▪▪▪ ▪▪▪▪▪ ▪▪▪ ▪▪▪▪▪▪▪ ▪▪ ▪▪▪▪

▪▪▪▪ ▪▪▪▪▪▪ ▪▪ ▪▪▪▪▪ ▪▪▪▪▪▪▪▪ ▪▪▪ ▪▪▪▪▪ ▪▪ ▪▪▪▪▪▪ ▪▪▪▪ ▪▪▪▪▪ ▪▪▪ ▪▪▪▪▪▪▪ ▪▪ ▪▪▪▪ ▪▪▪▪ ▪▪▪▪▪▪ ▪▪ ▪▪▪▪▪ ▪▪▪▪▪▪▪▪ ▪▪▪ ▪▪▪▪▪ ▪▪ ▪▪▪▪▪▪ ▪▪▪▪ ▪▪▪▪▪ ▪▪▪ ▪▪▪▪▪▪▪ ▪▪ ▪▪▪▪ ▪▪▪▪ ▪▪▪▪▪▪ ▪▪ ▪▪▪▪▪ ▪▪▪▪▪▪▪▪ ▪▪▪ ▪▪▪▪▪ ▪▪ ▪▪▪▪▪▪ ▪▪▪▪ ▪▪▪▪▪ ▪▪▪ ▪▪▪▪▪▪▪ ▪▪ ▪▪▪▪

▪▪▪▪ ▪▪▪▪▪▪ ▪▪ ▪▪▪▪▪ ▪▪▪▪▪▪▪▪ ▪▪▪ ▪▪▪▪▪ ▪▪ ▪▪▪▪▪▪ ▪▪▪▪ ▪▪▪▪▪ ▪▪▪ ▪▪▪▪▪▪▪ ▪▪ ▪▪▪▪ ▪▪▪▪ ▪▪▪▪▪▪ ▪▪ ▪▪▪▪▪ ▪▪▪▪▪▪▪▪ ▪▪▪ ▪▪▪▪▪ ▪▪ ▪▪▪▪▪▪ ▪▪▪▪ ▪▪▪▪▪ ▪▪▪ ▪▪▪▪▪▪▪ ▪▪ ▪▪▪▪ ▪▪▪▪ ▪▪▪▪▪▪ ▪▪ ▪▪▪▪▪ ▪▪▪▪▪▪▪▪ ▪▪▪ ▪▪▪▪▪ ▪▪ ▪▪▪▪▪▪ ▪▪▪▪ ▪▪▪▪▪ ▪▪▪ ▪▪▪▪▪▪▪ ▪▪ ▪▪▪▪

▪▪▪▪ ▪▪▪▪▪▪ ▪▪ ▪▪▪▪▪ ▪▪▪▪▪▪▪▪ ▪▪▪ ▪▪▪▪▪ ▪▪ ▪▪▪▪▪▪ ▪▪▪▪ ▪▪▪▪▪ ▪▪▪ ▪▪▪▪▪▪▪ ▪▪ ▪▪▪▪ ▪▪▪▪ ▪▪▪▪▪▪ ▪▪ ▪▪▪▪▪ ▪▪▪▪▪▪▪▪ ▪▪▪ ▪▪▪▪▪ ▪▪ ▪▪▪▪▪▪ ▪▪▪▪ ▪▪▪▪▪ ▪▪▪ ▪▪▪▪▪▪▪ ▪▪ ▪▪▪▪ ▪▪▪▪ ▪▪▪▪▪▪ ▪▪ ▪▪▪▪▪ ▪▪▪▪▪▪▪▪ ▪▪▪ ▪▪▪▪▪ ▪▪ ▪▪▪▪▪▪ ▪▪▪▪ ▪▪▪▪▪ ▪▪▪ ▪▪▪▪▪▪▪ ▪▪ ▪▪▪▪

▪▪▪▪ ▪▪▪▪▪▪ ▪▪ ▪▪▪▪▪ ▪▪▪▪▪▪▪▪ ▪▪▪ ▪▪▪▪▪ ▪▪ ▪▪▪▪▪▪ ▪▪▪▪ ▪▪▪▪▪ ▪▪▪ ▪▪▪▪▪▪▪ ▪▪ ▪▪▪▪ ▪▪▪▪ ▪▪▪▪▪▪ ▪▪ ▪▪▪▪▪ ▪▪▪▪▪▪▪▪ ▪▪▪ ▪▪▪▪▪ ▪▪ ▪▪▪▪▪▪ ▪▪▪▪ ▪▪▪▪▪ ▪▪▪ ▪▪▪▪▪▪▪ ▪▪ ▪▪▪▪ ▪▪▪▪ ▪▪▪▪▪▪ ▪▪ ▪▪▪▪▪ ▪▪▪▪▪▪▪▪ ▪▪▪ ▪▪▪▪▪ ▪▪ ▪▪▪▪▪▪ ▪▪▪▪ ▪▪▪▪▪ ▪▪▪ ▪▪▪▪▪▪▪ ▪▪ ▪▪▪▪

▪▪▪▪ ▪▪▪▪▪▪ ▪▪ ▪▪▪▪▪ ▪▪▪▪▪▪▪▪ ▪▪▪ ▪▪▪▪▪ ▪▪ ▪▪▪▪▪▪ ▪▪▪▪ ▪▪▪▪▪ ▪▪▪ ▪▪▪▪▪▪▪ ▪▪ ▪▪▪▪ ▪▪▪▪ ▪▪▪▪▪▪ ▪▪ ▪▪▪▪▪ ▪▪▪▪▪▪▪▪ ▪▪▪ ▪▪▪▪▪ ▪▪ ▪▪▪▪▪▪ ▪▪▪▪ ▪▪▪▪▪ ▪▪▪ ▪▪▪▪▪▪▪ ▪▪ ▪▪▪▪ ▪▪▪▪ ▪▪▪▪▪▪ ▪▪ ▪▪▪▪▪ ▪▪▪▪▪▪▪▪ ▪▪▪ ▪▪▪▪▪ ▪▪ ▪▪▪▪▪▪ ▪▪▪▪ ▪▪▪▪▪ ▪▪▪ ▪▪▪▪▪▪▪ ▪▪ ▪▪▪▪

▪▪▪▪ ▪▪▪▪▪▪ ▪▪ ▪▪▪▪▪ ▪▪▪▪▪▪▪▪ ▪▪▪ ▪▪▪▪▪ ▪▪ ▪▪▪▪▪▪ ▪▪▪▪ ▪▪▪▪▪ ▪▪▪ ▪▪▪▪▪▪▪ ▪▪ ▪▪▪▪ ▪▪▪▪ ▪▪▪▪▪▪ ▪▪ ▪▪▪▪▪ ▪▪▪▪▪▪▪▪ ▪▪▪ ▪▪▪▪▪ ▪▪ ▪▪▪▪▪▪ ▪▪▪▪ ▪▪▪▪▪ ▪▪▪ ▪▪▪▪▪▪▪ ▪▪ ▪▪▪▪ ▪▪▪▪ ▪▪▪▪▪▪ ▪▪ ▪▪▪▪▪ ▪▪▪▪▪▪▪▪ ▪▪▪ ▪▪▪▪▪ ▪▪ ▪▪▪▪▪▪ ▪▪▪▪ ▪▪▪▪▪ ▪▪▪ ▪▪▪▪▪▪▪ ▪▪ ▪▪▪▪

▪▪▪▪ ▪▪▪▪▪▪ ▪▪ ▪▪▪▪▪ ▪▪▪▪▪▪▪▪ ▪▪▪ ▪▪▪▪▪ ▪▪ ▪▪▪▪▪▪ ▪▪▪▪ ▪▪▪▪▪ ▪▪▪ ▪▪▪▪▪▪▪ ▪▪ ▪▪▪▪ ▪▪▪▪ ▪▪▪▪▪▪ ▪▪ ▪▪▪▪▪ ▪▪▪▪▪▪▪▪ ▪▪▪ ▪▪▪▪▪ ▪▪ ▪▪▪▪▪▪ ▪▪▪▪ ▪▪▪▪▪ ▪▪▪ ▪▪▪▪▪▪▪ ▪▪ ▪▪▪▪ ▪▪▪▪ ▪▪▪▪▪▪ ▪▪ ▪▪▪▪▪ ▪▪▪▪▪▪▪▪ ▪▪▪ ▪▪▪▪▪ ▪▪ ▪▪▪▪▪▪ ▪▪▪▪ ▪▪▪▪▪ ▪▪▪ ▪▪▪▪▪▪▪ ▪▪ ▪▪▪▪

Wie Deutschland gerettet wurde
Erläuterungen über die Leistung des Reichspräsidenten

▪▪▪▪ ▪▪▪▪▪▪ ▪▪ ▪▪▪▪▪ ▪▪▪▪▪▪▪▪ ▪▪▪ ▪▪▪▪▪ ▪▪ ▪▪▪▪▪▪ ▪▪▪▪ ▪▪▪▪▪ ▪▪▪ ▪▪▪▪▪▪▪ ▪▪ ▪▪▪▪ ▪▪▪▪ ▪▪▪▪▪▪ ▪▪ ▪▪▪▪▪ ▪▪▪▪▪▪▪▪ ▪▪▪ ▪▪▪▪▪ ▪▪ ▪▪▪▪▪▪ ▪▪▪▪ ▪▪▪▪▪ ▪▪▪ ▪▪▪▪▪▪▪ ▪▪ ▪▪▪▪ ▪▪▪▪ ▪▪▪▪▪▪ ▪▪ ▪▪▪▪▪ ▪▪▪▪▪▪▪▪ ▪▪▪ ▪▪▪▪▪ ▪▪ ▪▪▪▪▪▪ ▪▪▪▪ ▪▪▪▪▪ ▪▪▪ ▪▪▪▪▪▪▪ ▪▪ ▪▪▪▪

▪▪▪▪ ▪▪▪▪▪▪ ▪▪ ▪▪▪▪▪ ▪▪▪▪▪▪▪▪ ▪▪▪ ▪▪▪▪▪ ▪▪ ▪▪▪▪▪▪ ▪▪▪▪ ▪▪▪▪▪ ▪▪▪ ▪▪▪▪▪▪▪ ▪▪ ▪▪▪▪ ▪▪▪▪ ▪▪▪▪▪▪ ▪▪ ▪▪▪▪▪ ▪▪▪▪▪▪▪▪ ▪▪▪ ▪▪▪▪▪ ▪▪ ▪▪▪▪▪▪ ▪▪▪▪ ▪▪▪▪▪ ▪▪▪ ▪▪▪▪▪▪▪ ▪▪ ▪▪▪▪ ▪▪▪▪ ▪▪▪▪▪▪ ▪▪ ▪▪▪▪▪ ▪▪▪▪▪▪▪▪ ▪▪▪ ▪▪▪▪▪ ▪▪ ▪▪▪▪▪▪ ▪▪▪▪ ▪▪▪▪▪ ▪▪▪ ▪▪▪▪▪▪▪ ▪▪ ▪▪▪▪

▪▪▪▪ ▪▪▪▪▪▪ ▪▪ ▪▪▪▪▪ ▪▪▪▪▪▪▪▪ ▪▪▪ ▪▪▪▪▪ ▪▪ ▪▪▪▪▪▪ ▪▪▪▪ ▪▪▪▪▪ ▪▪▪ ▪▪▪▪▪▪▪ ▪▪ ▪▪▪▪ ▪▪▪▪ ▪▪▪▪▪▪ ▪▪ ▪▪▪▪▪ ▪▪▪▪▪▪▪▪ ▪▪▪ ▪▪▪▪▪ ▪▪ ▪▪▪▪▪▪ ▪▪▪▪ ▪▪▪▪▪ ▪▪▪ ▪▪▪▪▪▪▪ ▪▪ ▪▪▪▪ ▪▪▪▪ ▪▪▪▪▪▪ ▪▪ ▪▪▪▪▪ ▪▪▪▪▪▪▪▪ ▪▪▪ ▪▪▪▪▪ ▪▪ ▪▪▪▪▪▪ ▪▪▪▪ ▪▪▪▪▪ ▪▪▪ ▪▪▪▪▪▪▪ ▪▪ ▪▪▪▪

▪▪▪▪ ▪▪▪▪▪▪ ▪▪ ▪▪▪▪▪ ▪▪▪▪▪▪▪▪ ▪▪▪ ▪▪▪▪▪ ▪▪ ▪▪▪▪▪▪ ▪▪▪▪ ▪▪▪▪▪ ▪▪▪ ▪▪▪▪▪▪▪ ▪▪ ▪▪▪▪ ▪▪▪▪ ▪▪▪▪▪▪ ▪▪ ▪▪▪▪▪ ▪▪▪▪▪▪▪▪ ▪▪▪ ▪▪▪▪▪ ▪▪ ▪▪▪▪▪▪ ▪▪▪▪ ▪▪▪▪▪ ▪▪▪ ▪▪▪▪▪▪▪ ▪▪ ▪▪▪▪ ▪▪▪▪ ▪▪▪▪▪▪ ▪▪ ▪▪▪▪▪ ▪▪▪▪▪▪▪▪ ▪▪▪ ▪▪▪▪▪ ▪▪ ▪▪▪▪▪▪ ▪▪▪▪ ▪▪▪▪▪ ▪▪▪ ▪▪▪▪▪▪▪ ▪▪ ▪▪▪▪

▪▪▪▪ ▪▪▪▪▪▪ ▪▪ ▪▪▪▪▪ ▪▪▪▪▪▪▪▪ ▪▪▪ ▪▪▪▪▪ ▪▪ ▪▪▪▪▪▪ ▪▪▪▪ ▪▪▪▪▪ ▪▪▪ ▪▪▪▪▪▪▪ ▪▪ ▪▪▪▪ ▪▪▪▪ ▪▪▪▪▪▪ ▪▪ ▪▪▪▪▪ ▪▪▪▪▪▪▪▪ ▪▪▪ ▪▪▪▪▪ ▪▪ ▪▪▪▪▪▪ ▪▪▪▪ ▪▪▪▪▪ ▪▪▪ ▪▪▪▪▪▪▪ ▪▪ ▪▪▪▪ ▪▪▪▪ ▪▪▪▪▪▪ ▪▪ ▪▪▪▪▪ ▪▪▪▪▪▪▪▪ ▪▪▪ ▪▪▪▪▪ ▪▪ ▪▪▪▪▪▪ ▪▪▪▪ ▪▪▪▪▪ ▪▪▪ ▪▪▪▪▪▪▪ ▪▪ ▪▪▪▪

▪▪▪▪ ▪▪▪▪▪▪ ▪▪ ▪▪▪▪▪ ▪▪▪▪▪▪▪▪ ▪▪▪ ▪▪▪▪▪ ▪▪ ▪▪▪▪▪▪ ▪▪▪▪ ▪▪▪▪▪ ▪▪▪ ▪▪▪▪▪▪▪ ▪▪ ▪▪▪▪ ▪▪▪▪ ▪▪▪▪▪▪ ▪▪ ▪▪▪▪▪ ▪▪▪▪▪▪▪▪ ▪▪▪ ▪▪▪▪▪ ▪▪ ▪▪▪▪▪▪ ▪▪▪▪ ▪▪▪▪▪ ▪▪▪ ▪▪▪▪▪▪▪ ▪▪ ▪▪▪▪ ▪▪▪▪ ▪▪▪▪▪▪ ▪▪ ▪▪▪▪▪ ▪▪▪▪▪▪▪▪ ▪▪▪ ▪▪▪▪▪ ▪▪ ▪▪▪▪▪▪ ▪▪▪▪ ▪▪▪▪▪ ▪▪▪ ▪▪▪▪▪▪▪ ▪▪ ▪▪▪▪

▪▪▪▪ ▪▪▪▪▪▪ ▪▪ ▪▪▪▪▪ ▪▪▪▪▪▪▪▪ ▪▪▪ ▪▪▪▪▪ ▪▪ ▪▪▪▪▪▪ ▪▪▪▪ ▪▪▪▪▪ ▪▪▪ ▪▪▪▪▪▪▪ ▪▪ ▪▪▪▪ ▪▪▪▪ ▪▪▪▪▪▪ ▪▪ ▪▪▪▪▪ ▪▪▪▪▪▪▪▪ ▪▪▪ ▪▪▪▪▪ ▪▪ ▪▪▪▪▪▪ ▪▪▪▪ ▪▪▪▪▪ ▪▪▪ ▪▪▪▪▪▪▪ ▪▪ ▪▪▪▪ ▪▪▪▪ ▪▪▪▪▪▪ ▪▪ ▪▪▪▪▪ ▪▪▪▪▪▪▪▪ ▪▪▪ ▪▪▪▪▪ ▪▪ ▪▪▪▪▪▪ ▪▪▪▪ ▪▪▪▪▪ ▪▪▪ ▪▪▪▪▪▪▪ ▪▪ ▪▪▪▪

▪▪▪▪ ▪▪▪▪▪▪ ▪▪ ▪▪▪▪▪ ▪▪▪▪▪▪▪▪ ▪▪▪ ▪▪▪▪▪ ▪▪ ▪▪▪▪▪▪ ▪▪▪▪ ▪▪▪▪▪ ▪▪▪ ▪▪▪▪▪▪▪ ▪▪ ▪▪▪▪ ▪▪▪▪ ▪▪▪▪▪▪ ▪▪ ▪▪▪▪▪ ▪▪▪▪▪▪▪▪ ▪▪▪ ▪▪▪▪▪ ▪▪ ▪▪▪▪▪▪ ▪▪▪▪ ▪▪▪▪▪ ▪▪▪ ▪▪▪▪▪▪▪ ▪▪ ▪▪▪▪ ▪▪▪▪ ▪▪▪▪▪▪ ▪▪ ▪▪▪▪▪ ▪▪▪▪▪▪▪▪ ▪▪▪ ▪▪▪▪▪ ▪▪ ▪▪▪▪▪▪ ▪▪▪▪ ▪▪▪▪▪ ▪▪▪ ▪▪▪▪▪▪▪ ▪▪ ▪▪▪▪

▪▪▪▪ ▪▪▪▪▪▪ ▪▪ ▪▪▪▪▪ ▪▪▪▪▪▪▪▪ ▪▪▪ ▪▪▪▪▪ ▪▪ ▪▪▪▪▪▪ ▪▪▪▪ ▪▪▪▪▪ ▪▪▪ ▪▪▪▪▪▪▪ ▪▪ ▪▪▪▪ ▪▪▪▪ ▪▪▪▪▪▪ ▪▪ ▪▪▪▪▪ ▪▪▪▪▪▪▪▪ ▪▪▪ ▪▪▪▪▪ ▪▪ ▪▪▪▪▪▪ ▪▪▪▪ ▪▪▪▪▪ ▪▪▪ ▪▪▪▪▪▪▪ ▪▪ ▪▪▪▪ ▪▪▪▪ ▪▪▪▪▪▪ ▪▪ ▪▪▪▪▪ ▪▪▪▪▪▪▪▪ ▪▪▪ ▪▪▪▪▪ ▪▪ ▪▪▪▪▪▪ ▪▪▪▪ ▪▪▪▪▪ ▪▪▪ ▪▪▪▪▪▪▪ ▪▪ ▪▪▪▪

▪▪▪▪ ▪▪▪▪▪▪ ▪▪ ▪▪▪▪▪ ▪▪▪▪▪▪▪▪ ▪▪▪ ▪▪▪▪▪ ▪▪ ▪▪▪▪▪▪ ▪▪▪▪ ▪▪▪▪▪ ▪▪▪ ▪▪▪▪▪▪▪ ▪▪ ▪▪▪▪ ▪▪▪▪ ▪▪▪▪▪▪ ▪▪ ▪▪▪▪▪ ▪▪▪▪▪▪▪▪ ▪▪▪ ▪▪▪▪▪ ▪▪ ▪▪▪▪▪▪ ▪▪▪▪ ▪▪▪▪▪ ▪▪▪ ▪▪▪▪▪▪▪ ▪▪ ▪▪▪▪ ▪▪▪▪ ▪▪▪▪▪▪ ▪▪ ▪▪▪▪▪ ▪▪▪▪▪▪▪▪ ▪▪▪ ▪▪▪▪▪ ▪▪ ▪▪▪▪▪▪ ▪▪▪▪ ▪▪▪▪▪ ▪▪▪ ▪▪▪▪▪▪▪ ▪▪ ▪▪▪▪

▪▪▪▪ ▪▪▪▪▪▪ ▪▪ ▪▪▪▪▪ ▪▪▪▪▪▪▪▪ ▪▪▪ ▪▪▪▪▪ ▪▪ ▪▪▪▪▪▪ ▪▪▪▪ ▪▪▪▪▪ ▪▪▪ ▪▪▪▪▪▪▪ ▪▪ ▪▪▪▪ ▪▪▪▪ ▪▪▪▪▪▪ ▪▪ ▪▪▪▪▪ ▪▪▪▪▪▪▪▪ ▪▪▪ ▪▪▪▪▪ ▪▪ ▪▪▪▪▪▪ ▪▪▪▪ ▪▪▪▪▪ ▪▪▪ ▪▪▪▪▪▪▪ ▪▪ ▪▪▪▪ ▪▪▪▪ ▪▪▪▪▪▪ ▪▪ ▪▪▪▪▪ ▪▪▪▪▪▪▪▪ ▪▪▪ ▪▪▪▪▪ ▪▪ ▪▪▪▪▪▪ ▪▪▪▪ ▪▪▪▪▪ ▪▪▪ ▪▪▪▪▪▪▪ ▪▪ ▪▪▪▪

▪▪▪▪ ▪▪▪▪▪▪ ▪▪ ▪▪▪▪▪ ▪▪▪▪▪▪▪▪ ▪▪▪ ▪▪▪▪▪ ▪▪ ▪▪▪▪▪▪ ▪▪▪▪ ▪▪▪▪▪ ▪▪▪ ▪▪▪▪▪▪▪ ▪▪ ▪▪▪▪ ▪▪▪▪ ▪▪▪▪▪▪ ▪▪ ▪▪▪▪▪ ▪▪▪▪▪▪▪▪ ▪▪▪ ▪▪▪▪▪ ▪▪ ▪▪▪▪▪▪ ▪▪▪▪ ▪▪▪▪▪ ▪▪▪ ▪▪▪▪▪▪▪ ▪▪ ▪▪▪▪ ▪▪▪▪ ▪▪▪▪▪▪ ▪▪ ▪▪▪▪▪ ▪▪▪▪▪▪▪▪ ▪▪▪ ▪▪▪▪▪ ▪▪ ▪▪▪▪▪▪ ▪▪▪▪ ▪▪▪▪▪ ▪▪▪ ▪▪▪▪▪▪▪ ▪▪ ▪▪▪▪
